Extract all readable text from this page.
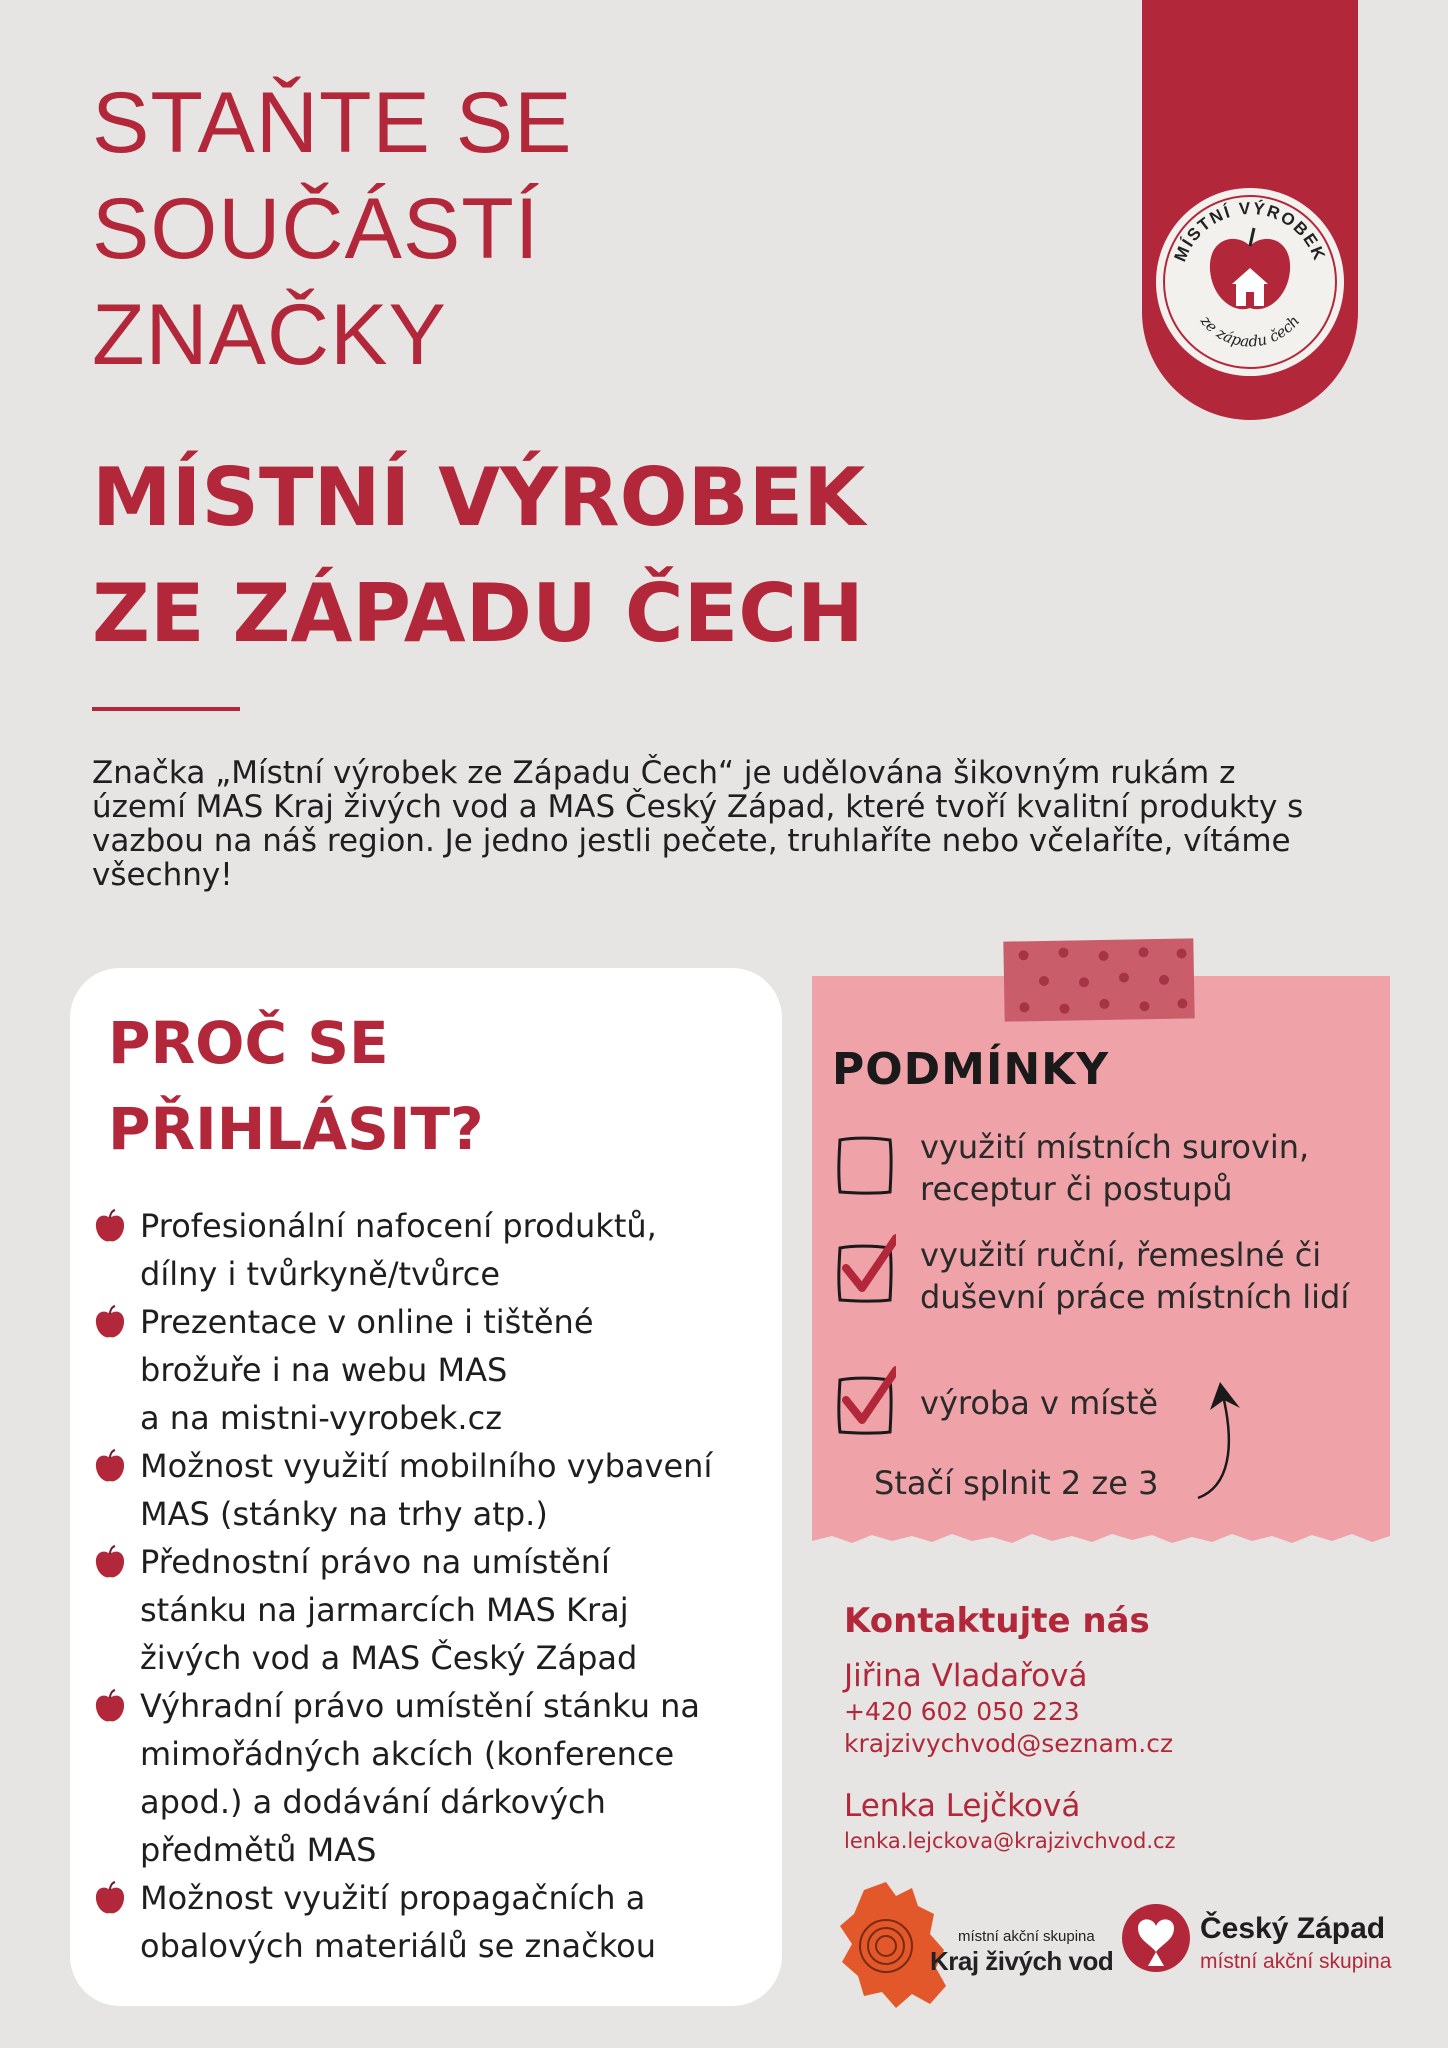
STAŇTE SE
SOUČÁSTÍ
ZNAČKY
MÍSTNÍ VÝROBEK
ZE ZÁPADU ČECH

Značka „Místní výrobek ze Západu Čech“ je udělována šikovným rukám z území MAS Kraj živých vod a MAS Český Západ, které tvoří kvalitní produkty s vazbou na náš region. Je jedno jestli pečete, truhlaříte nebo včelaříte, vítáme všechny!

MÍSTNÍ VÝROBEK
ze západu čech
PROČ SE
PŘIHLÁSIT?
Profesionální nafocení produktů,
dílny i tvůrkyně/tvůrce
Prezentace v online i tištěné
brožuře i na webu MAS
a na mistni-vyrobek.cz
Možnost využití mobilního vybavení
MAS (stánky na trhy atp.)
Přednostní právo na umístění
stánku na jarmarcích MAS Kraj
živých vod a MAS Český Západ
Výhradní právo umístění stánku na
mimořádných akcích (konference
apod.) a dodávání dárkových
předmětů MAS
Možnost využití propagačních a
obalových materiálů se značkou
PODMÍNKY
využití místních surovin,
receptur či postupů
využití ruční, řemeslné či
duševní práce místních lidí
výroba v místě
Stačí splnit 2 ze 3
Kontaktujte nás
Jiřina Vladařová
+420 602 050 223
krajzivychvod@seznam.cz
Lenka Lejčková
lenka.lejckova@krajzivchvod.cz
místní akční skupina
Kraj živých vod
Český Západ
místní akční skupina
